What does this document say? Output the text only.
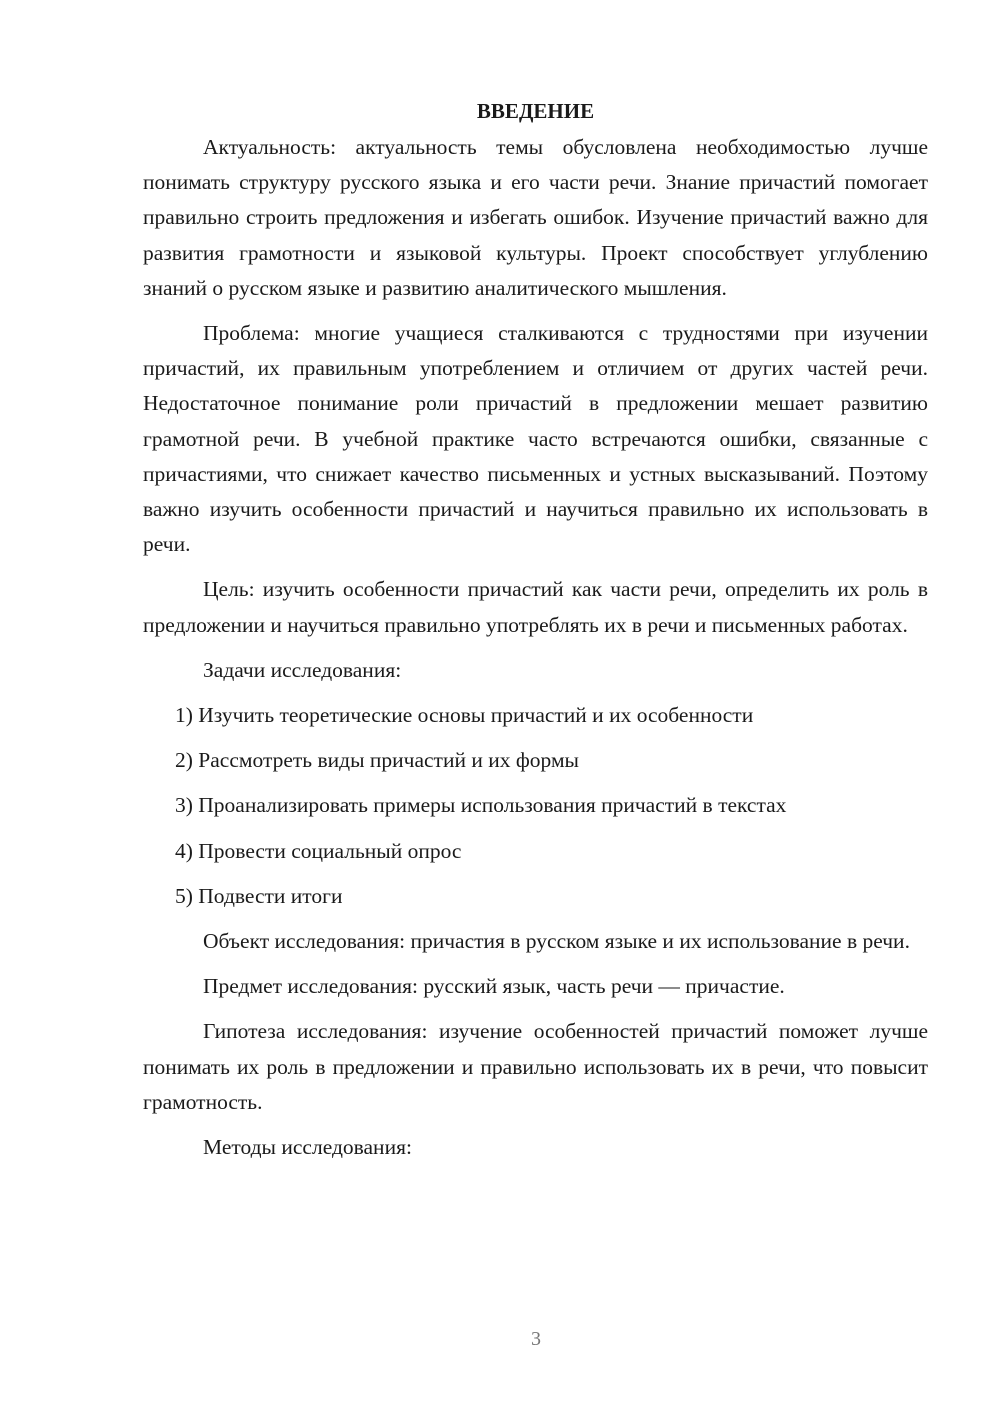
ВВЕДЕНИЕ

Актуальность: актуальность темы обусловлена необходимостью лучше понимать структуру русского языка и его части речи. Знание причастий помогает правильно строить предложения и избегать ошибок. Изучение причастий важно для развития грамотности и языковой культуры. Проект способствует углублению знаний о русском языке и развитию аналитического мышления.

Проблема: многие учащиеся сталкиваются с трудностями при изучении причастий, их правильным употреблением и отличием от других частей речи. Недостаточное понимание роли причастий в предложении мешает развитию грамотной речи. В учебной практике часто встречаются ошибки, связанные с причастиями, что снижает качество письменных и устных высказываний. Поэтому важно изучить особенности причастий и научиться правильно их использовать в речи.

Цель: изучить особенности причастий как части речи, определить их роль в предложении и научиться правильно употреблять их в речи и письменных работах.

Задачи исследования:

1) Изучить теоретические основы причастий и их особенности
2) Рассмотреть виды причастий и их формы
3) Проанализировать примеры использования причастий в текстах
4) Провести социальный опрос
5) Подвести итоги

Объект исследования: причастия в русском языке и их использование в речи.

Предмет исследования: русский язык, часть речи — причастие.

Гипотеза исследования: изучение особенностей причастий поможет лучше понимать их роль в предложении и правильно использовать их в речи, что повысит грамотность.

Методы исследования:

3
